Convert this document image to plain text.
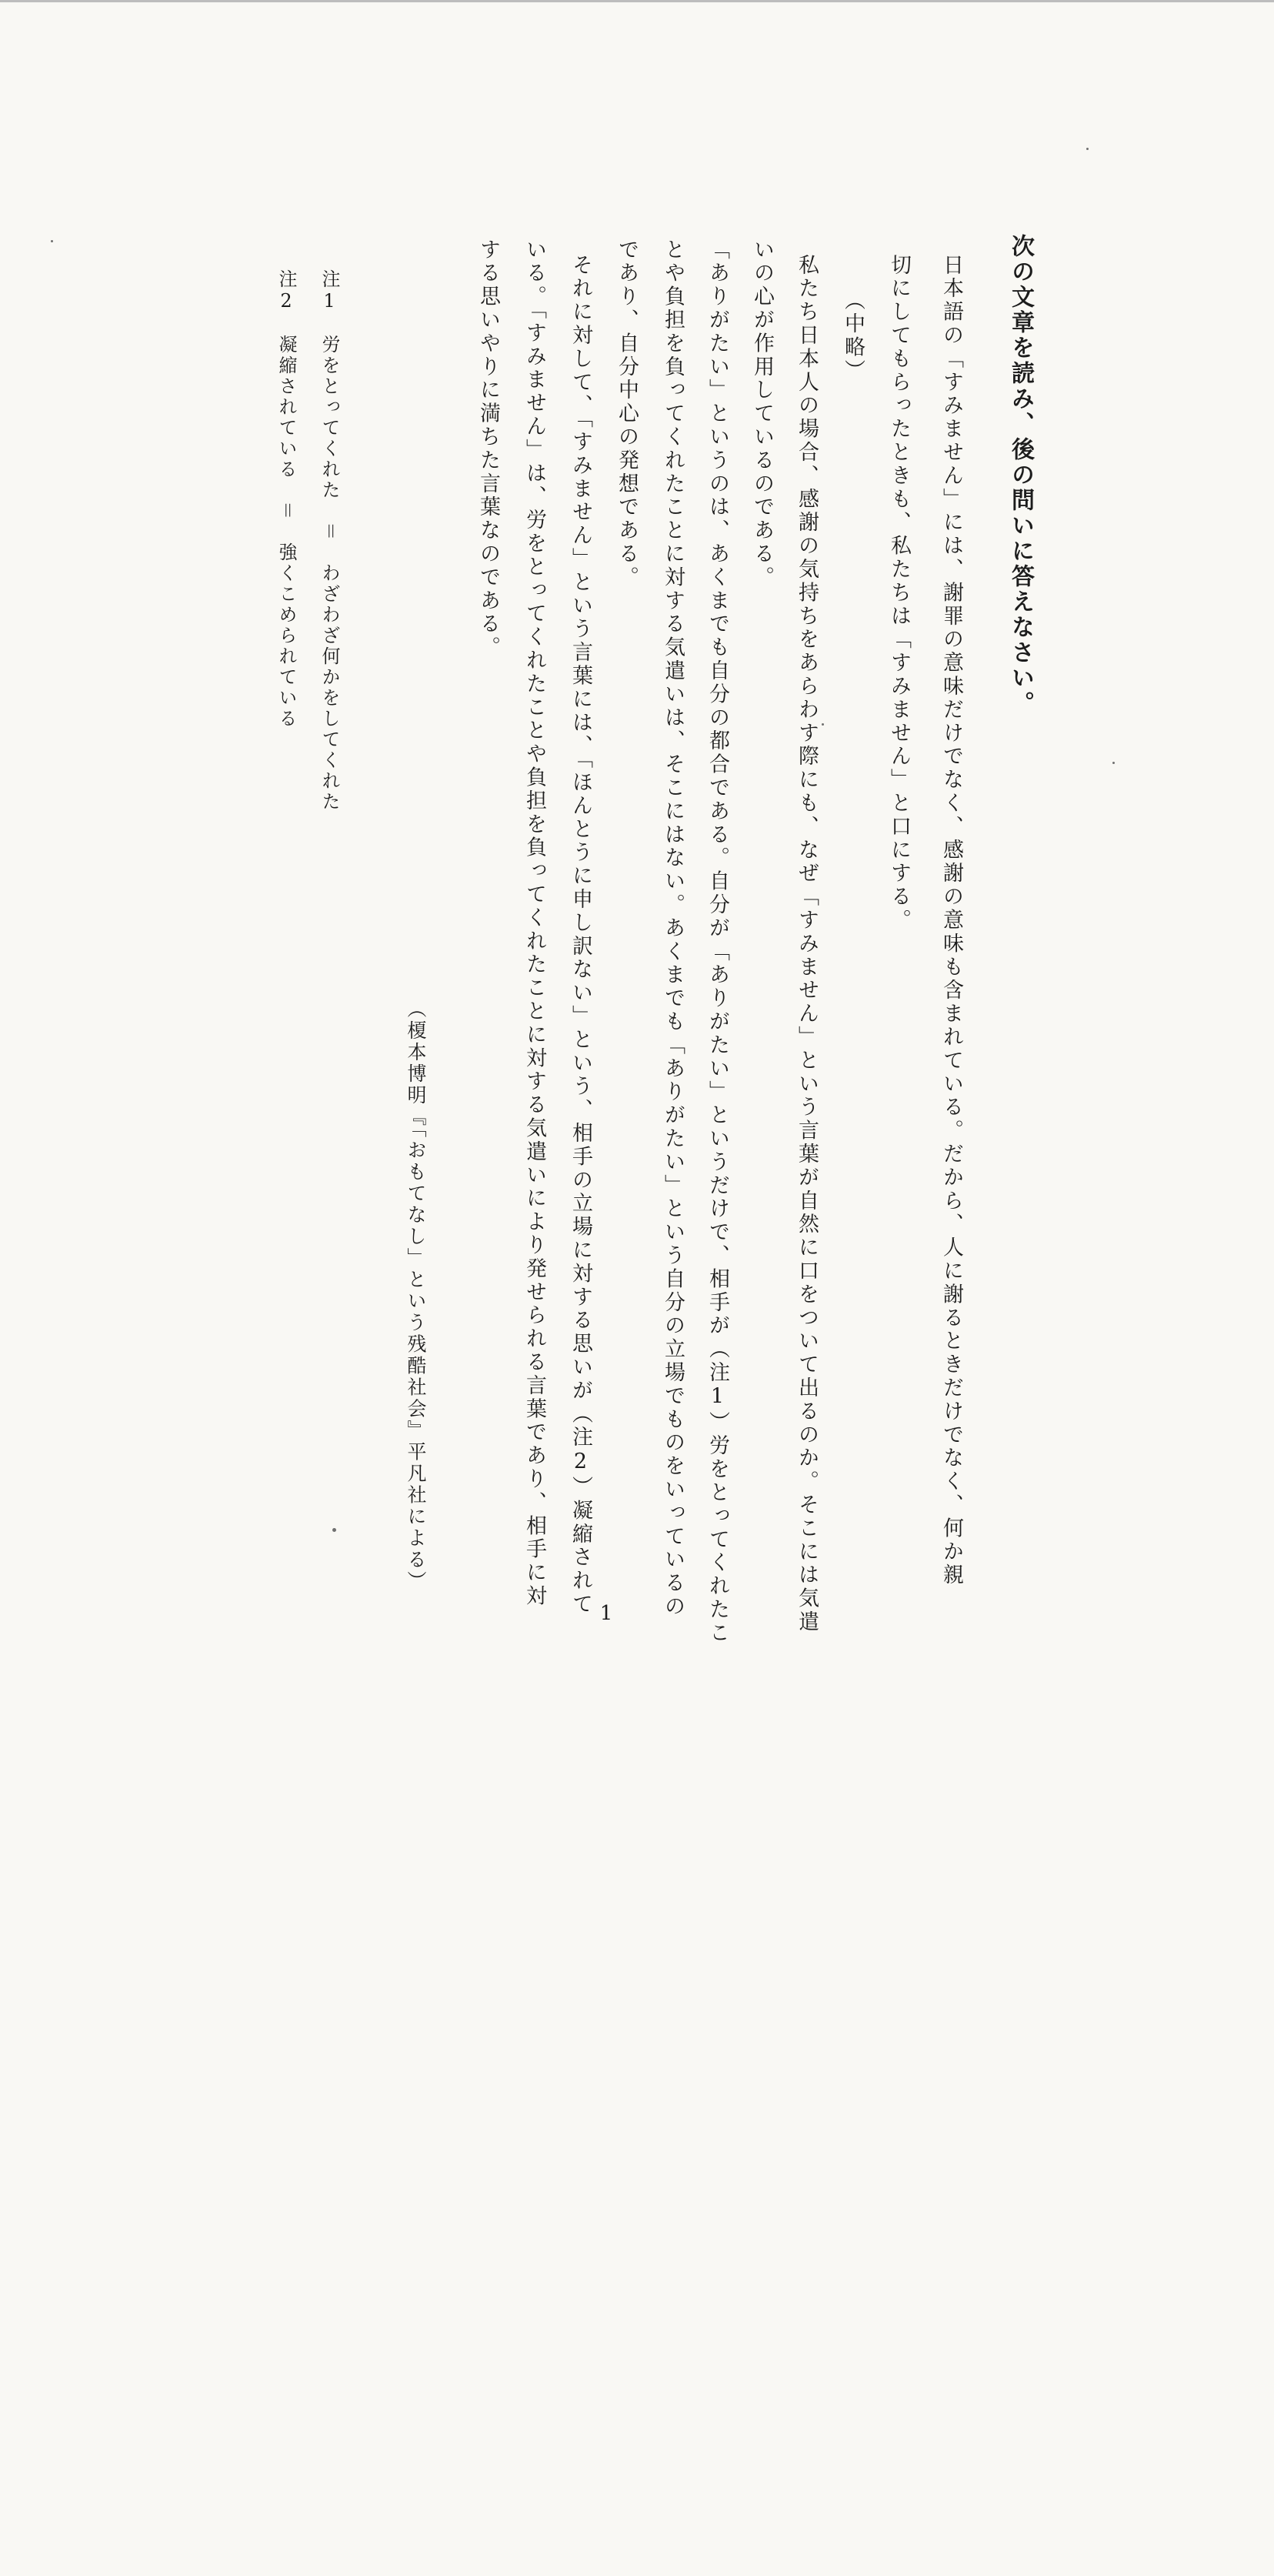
次の文章を読み、後の問いに答えなさい。
日本語の「すみません」には、謝罪の意味だけでなく、感謝の意味も含まれている。だから、人に謝るときだけでなく、何か親
切にしてもらったときも、私たちは「すみません」と口にする。
（中略）
私たち日本人の場合、感謝の気持ちをあらわす際にも、なぜ「すみません」という言葉が自然に口をついて出るのか。そこには気遣
いの心が作用しているのである。
「ありがたい」というのは、あくまでも自分の都合である。自分が「ありがたい」というだけで、相手が（注1）労をとってくれたこ
とや負担を負ってくれたことに対する気遣いは、そこにはない。あくまでも「ありがたい」という自分の立場でものをいっているの
であり、自分中心の発想である。
それに対して、「すみません」という言葉には、「ほんとうに申し訳ない」という、相手の立場に対する思いが（注2）凝縮されて
いる。「すみません」は、労をとってくれたことや負担を負ってくれたことに対する気遣いにより発せられる言葉であり、相手に対
する思いやりに満ちた言葉なのである。
（榎本博明『「おもてなし」という残酷社会』平凡社による）
注1　労をとってくれた　＝　わざわざ何かをしてくれた
注2　凝縮されている　＝　強くこめられている
1
